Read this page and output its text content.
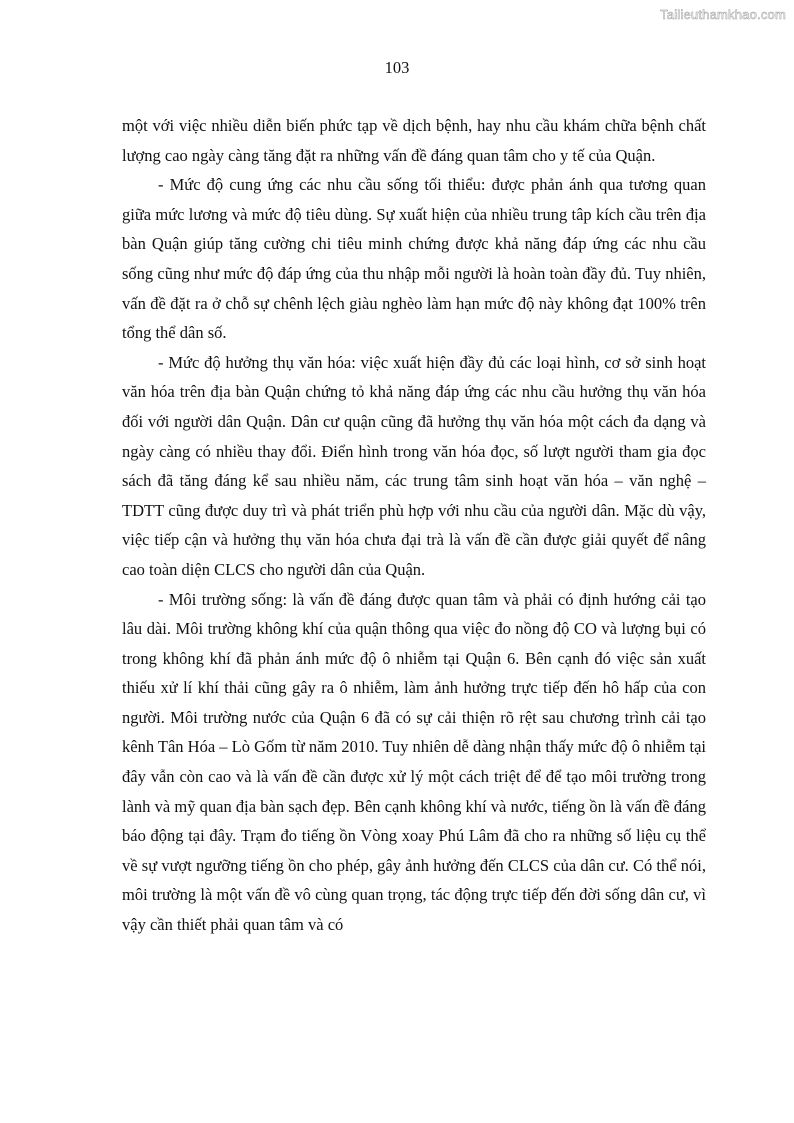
Tailieuthamkhao.com
103

một với việc nhiều diễn biến phức tạp về dịch bệnh, hay nhu cầu khám chữa bệnh chất lượng cao ngày càng tăng đặt ra những vấn đề đáng quan tâm cho y tế của Quận.

- Mức độ cung ứng các nhu cầu sống tối thiểu: được phản ánh qua tương quan giữa mức lương và mức độ tiêu dùng. Sự xuất hiện của nhiều trung tâp kích cầu trên địa bàn Quận giúp tăng cường chi tiêu minh chứng được khả năng đáp ứng các nhu cầu sống cũng như mức độ đáp ứng của thu nhập mỗi người là hoàn toàn đầy đủ. Tuy nhiên, vấn đề đặt ra ở chỗ sự chênh lệch giàu nghèo làm hạn mức độ này không đạt 100% trên tổng thể dân số.

- Mức độ hưởng thụ văn hóa: việc xuất hiện đầy đủ các loại hình, cơ sở sinh hoạt văn hóa trên địa bàn Quận chứng tỏ khả năng đáp ứng các nhu cầu hưởng thụ văn hóa đối với người dân Quận. Dân cư quận cũng đã hưởng thụ văn hóa một cách đa dạng và ngày càng có nhiều thay đổi. Điển hình trong văn hóa đọc, số lượt người tham gia đọc sách đã tăng đáng kể sau nhiều năm, các trung tâm sinh hoạt văn hóa – văn nghệ – TDTT cũng được duy trì và phát triển phù hợp với nhu cầu của người dân. Mặc dù vậy, việc tiếp cận và hưởng thụ văn hóa chưa đại trà là vấn đề cần được giải quyết để nâng cao toàn diện CLCS cho người dân của Quận.

- Môi trường sống: là vấn đề đáng được quan tâm và phải có định hướng cải tạo lâu dài. Môi trường không khí của quận thông qua việc đo nồng độ CO và lượng bụi có trong không khí đã phản ánh mức độ ô nhiễm tại Quận 6. Bên cạnh đó việc sản xuất thiếu xử lí khí thải cũng gây ra ô nhiễm, làm ảnh hưởng trực tiếp đến hô hấp của con người. Môi trường nước của Quận 6 đã có sự cải thiện rõ rệt sau chương trình cải tạo kênh Tân Hóa – Lò Gốm từ năm 2010. Tuy nhiên dễ dàng nhận thấy mức độ ô nhiễm tại đây vẫn còn cao và là vấn đề cần được xử lý một cách triệt để để tạo môi trường trong lành và mỹ quan địa bàn sạch đẹp. Bên cạnh không khí và nước, tiếng ồn là vấn đề đáng báo động tại đây. Trạm đo tiếng ồn Vòng xoay Phú Lâm đã cho ra những số liệu cụ thể về sự vượt ngưỡng tiếng ồn cho phép, gây ảnh hưởng đến CLCS của dân cư. Có thể nói, môi trường là một vấn đề vô cùng quan trọng, tác động trực tiếp đến đời sống dân cư, vì vậy cần thiết phải quan tâm và có
